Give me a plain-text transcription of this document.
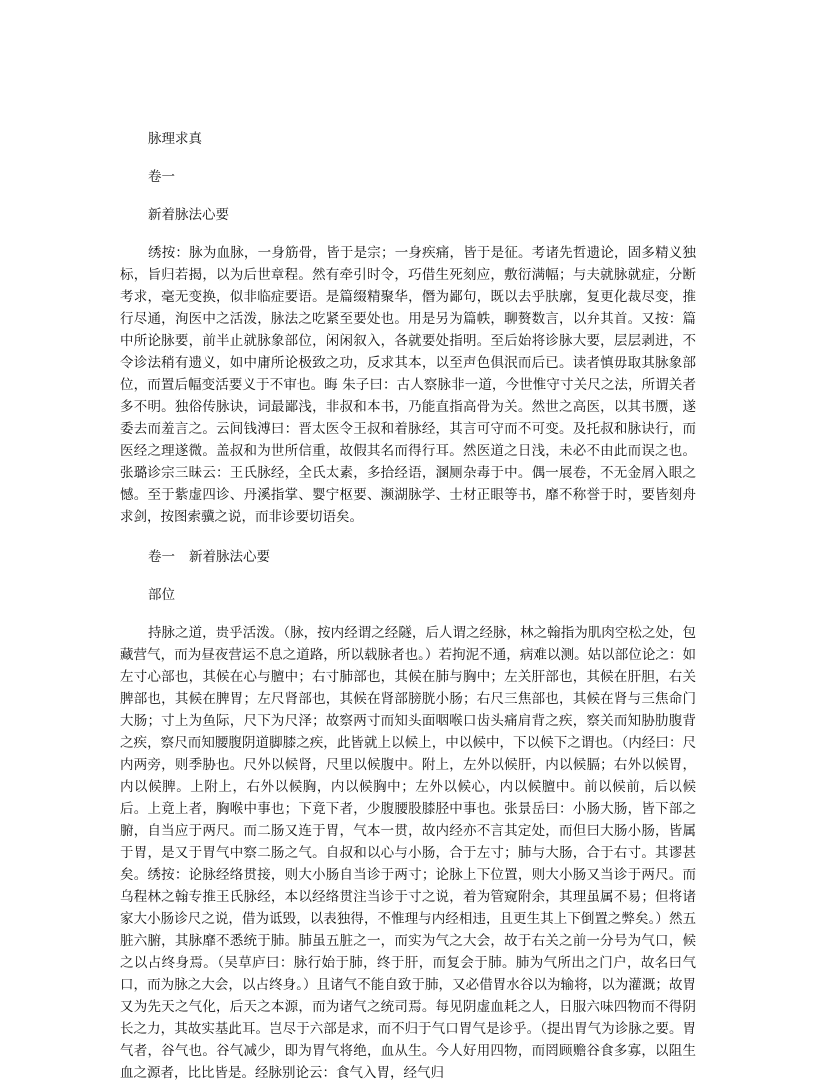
脉理求真
卷一
新着脉法心要

绣按：脉为血脉，一身筋骨，皆于是宗；一身疾痛，皆于是征。考诸先哲遗论，固多精义独标，旨归若揭，以为后世章程。然有牵引时令，巧借生死刻应，敷衍满幅；与夫就脉就症，分断考求，毫无变换，似非临症要语。是篇缀精聚华，僭为鄙句，既以去乎肤廓，复更化裁尽变，推行尽通，洵医中之活泼，脉法之吃紧至要处也。用是另为篇帙，聊赘数言，以弁其首。又按：篇中所论脉要，前半止就脉象部位，闲闲叙入，各就要处指明。至后始将诊脉大要，层层剥进，不令诊法稍有遗义，如中庸所论极致之功，反求其本，以至声色俱泯而后已。读者慎毋取其脉象部位，而置后幅变活要义于不审也。晦 朱子曰：古人察脉非一道，今世惟守寸关尺之法，所谓关者多不明。独俗传脉诀，词最鄙浅，非叔和本书，乃能直指高骨为关。然世之高医，以其书赝，遂委去而羞言之。云间钱溥曰：晋太医令王叔和着脉经，其言可守而不可变。及托叔和脉诀行，而医经之理遂微。盖叔和为世所信重，故假其名而得行耳。然医道之日浅，未必不由此而误之也。张璐诊宗三昧云：王氏脉经，全氏太素，多拾经语，溷厕杂毒于中。偶一展卷，不无金屑入眼之憾。至于紫虚四诊、丹溪指掌、婴宁枢要、濒湖脉学、士材正眼等书，靡不称誉于时，要皆刻舟求剑，按图索骥之说，而非诊要切语矣。

卷一 新着脉法心要
部位

持脉之道，贵乎活泼。（脉，按内经谓之经隧，后人谓之经脉，林之翰指为肌肉空松之处，包藏营气，而为昼夜营运不息之道路，所以载脉者也。）若拘泥不通，病难以测。姑以部位论之：如左寸心部也，其候在心与膻中；右寸肺部也，其候在肺与胸中；左关肝部也，其候在肝胆，右关脾部也，其候在脾胃；左尺肾部也，其候在肾部膀胱小肠；右尺三焦部也，其候在肾与三焦命门大肠；寸上为鱼际，尺下为尺泽；故察两寸而知头面咽喉口齿头痛肩背之疾，察关而知胁肋腹背之疾，察尺而知腰腹阴道脚膝之疾，此皆就上以候上，中以候中，下以候下之谓也。（内经曰：尺内两旁，则季胁也。尺外以候肾，尺里以候腹中。附上，左外以候肝，内以候膈；右外以候胃，内以候脾。上附上，右外以候胸，内以候胸中；左外以候心，内以候膻中。前以候前，后以候后。上竟上者，胸喉中事也；下竟下者，少腹腰股膝胫中事也。张景岳曰：小肠大肠，皆下部之腑，自当应于两尺。而二肠又连于胃，气本一贯，故内经亦不言其定处，而但曰大肠小肠，皆属于胃，是又于胃气中察二肠之气。自叔和以心与小肠，合于左寸；肺与大肠，合于右寸。其谬甚矣。绣按：论脉经络贯接，则大小肠自当诊于两寸；论脉上下位置，则大小肠又当诊于两尺。而乌程林之翰专推王氏脉经，本以经络贯注当诊于寸之说，着为管窥附余，其理虽属不易；但将诸家大小肠诊尺之说，借为诋毁，以表独得，不惟理与内经相违，且更生其上下倒置之弊矣。）然五脏六腑，其脉靡不悉统于肺。肺虽五脏之一，而实为气之大会，故于右关之前一分号为气口，候之以占终身焉。（吴草庐曰：脉行始于肺，终于肝，而复会于肺。肺为气所出之门户，故名曰气口，而为脉之大会，以占终身。）且诸气不能自致于肺，又必借胃水谷以为输将，以为灌溉；故胃又为先天之气化，后天之本源，而为诸气之统司焉。每见阴虚血耗之人，日服六味四物而不得阴长之力，其故实基此耳。岂尽于六部是求，而不归于气口胃气是诊乎。（提出胃气为诊脉之要。胃气者，谷气也。谷气减少，即为胃气将绝，血从生。今人好用四物，而罔顾赡谷食多寡，以阻生血之源者，比比皆是。经脉别论云：食气入胃，经气归
